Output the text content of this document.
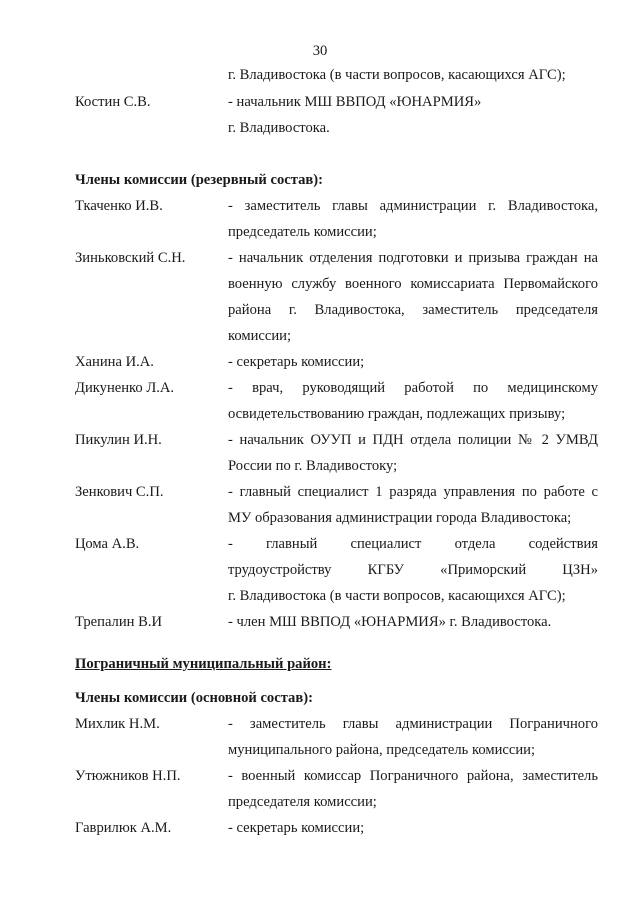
30
г. Владивостока (в части вопросов, касающихся АГС);
Костин С.В.	- начальник МШ ВВПОД «ЮНАРМИЯ»
г. Владивостока.
Члены комиссии (резервный состав):
Ткаченко И.В.	- заместитель главы администрации г. Владивостока,
председатель комиссии;
Зиньковский С.Н.	- начальник отделения подготовки и призыва граждан на
военную службу военного комиссариата Первомайского
района г. Владивостока, заместитель председателя
комиссии;
Ханина И.А.	- секретарь комиссии;
Дикуненко Л.А.	- врач, руководящий работой по медицинскому
освидетельствованию граждан, подлежащих призыву;
Пикулин И.Н.	- начальник ОУУП и ПДН отдела полиции № 2 УМВД
России по г. Владивостоку;
Зенкович С.П.	- главный специалист 1 разряда управления по работе с
МУ образования администрации города Владивостока;
Цома А.В.	- главный специалист отдела содействия
трудоустройству КГБУ «Приморский ЦЗН»
г. Владивостока (в части вопросов, касающихся АГС);
Трепалин В.И	- член МШ ВВПОД «ЮНАРМИЯ» г. Владивостока.
Пограничный муниципальный район:
Члены комиссии (основной состав):
Михлик Н.М.	- заместитель главы администрации Пограничного
муниципального района, председатель комиссии;
Утюжников Н.П.	- военный комиссар Пограничного района, заместитель
председателя комиссии;
Гаврилюк А.М.	- секретарь комиссии;
